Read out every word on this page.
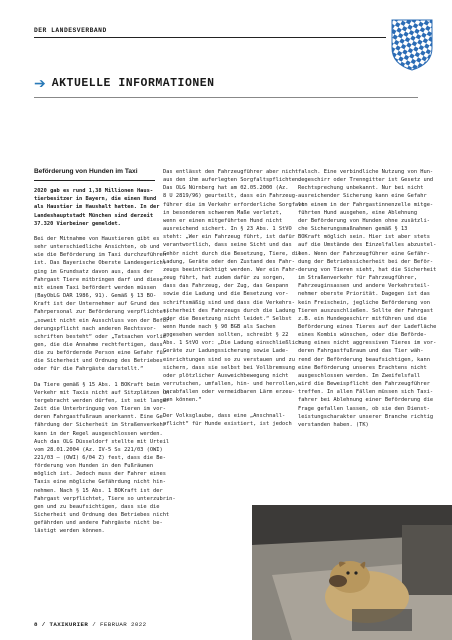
DER LANDESVERBAND
➔ AKTUELLE INFORMATIONEN

Beförderung von Hunden im Taxi

2020 gab es rund 1,38 Millionen Haus-
tierbesitzer in Bayern, die einen Hund
als Haustier im Haushalt hatten. In der
Landeshauptstadt München sind derzeit
37.320 Vierbeiner gemeldet.

Bei der Mitnahme von Haustieren gibt es
sehr unterschiedliche Ansichten, ob und
wie die Beförderung im Taxi durchzuführen
ist. Das Bayerische Oberste Landesgericht
ging im Grundsatz davon aus, dass der
Fahrgast Tiere mitbringen darf und diese
mit einem Taxi befördert werden müssen
(BayObLG DAR 1986, 91). Gemäß § 13 BO-
Kraft ist der Unternehmer auf Grund des
Fahrpersonal zur Beförderung verpflichtet:
„soweit nicht ein Ausschluss von der Beför-
derungspflicht nach anderen Rechtsvor-
schriften besteht“ oder „Tatsachen vorlie-
gen, die die Annahme rechtfertigen, dass
die zu befördernde Person eine Gefahr für
die Sicherheit und Ordnung des Betriebes
oder für die Fahrgäste darstellt.“

Da Tiere gemäß § 15 Abs. 1 BOKraft beim
Verkehr mit Taxis nicht auf Sitzplätzen un-
tergebracht werden dürfen, ist seit langer
Zeit die Unterbringung von Tieren im vor-
deren Fahrgastfußraum anerkannt. Eine Ge-
fährdung der Sicherheit im Straßenverkehr
kann in der Regel ausgeschlossen werden.
Auch das OLG Düsseldorf stellte mit Urteil
vom 28.01.2004 (Az. IV-5 Ss 221/03 (OWI)
221/03 – (OWI) 6/04 Z) fest, dass die Be-
förderung von Hunden in den Fußräumen
möglich ist. Jedoch muss der Fahrer eines
Taxis eine mögliche Gefährdung nicht hin-
nehmen. Nach § 15 Abs. 1 BOKraft ist der
Fahrgast verpflichtet, Tiere so unterzubrin-
gen und zu beaufsichtigen, dass sie die
Sicherheit und Ordnung des Betriebes nicht
gefährden und andere Fahrgäste nicht be-
lästigt werden können.

Das entlässt den Fahrzeugführer aber nicht
aus den ihm auferlegten Sorgfaltspflichten.
Das OLG Nürnberg hat am 02.05.2000 (Az.
8 U 2819/96) geurteilt, dass ein Fahrzeug-
führer die im Verkehr erforderliche Sorgfalt
in besonderem schwerem Maße verletzt,
wenn er einen mitgeführten Hund nicht
ausreichend sichert. In § 23 Abs. 1 StVO
steht: „Wer ein Fahrzeug führt, ist dafür
verantwortlich, dass seine Sicht und das
Gehör nicht durch die Besetzung, Tiere, die
Ladung, Geräte oder den Zustand des Fahr-
zeugs beeinträchtigt werden. Wer ein Fahr-
zeug führt, hat zudem dafür zu sorgen,
dass das Fahrzeug, der Zug, das Gespann
sowie die Ladung und die Besetzung vor-
schriftsmäßig sind und dass die Verkehrs-
sicherheit des Fahrzeugs durch die Ladung
oder die Besetzung nicht leidet.“ Selbst
wenn Hunde nach § 90 BGB als Sachen
angesehen werden sollten, schreibt § 22
Abs. 1 StVO vor: „Die Ladung einschließlich
Geräte zur Ladungssicherung sowie Lade-
einrichtungen sind so zu verstauen und zu
sichern, dass sie selbst bei Vollbremsung
oder plötzlicher Ausweichbewegung nicht
verrutschen, umfallen, hin- und herrollen,
herabfallen oder vermeidbaren Lärm erzeu-
gen können.“

Der Volksglaube, dass eine „Anschnall-
pflicht“ für Hunde existiert, ist jedoch

falsch. Eine verbindliche Nutzung von Hun-
degeschirr oder Trenngitter ist Gesetz und
Rechtsprechung unbekannt. Nur bei nicht
ausreichender Sicherung kann eine Gefahr
von einem in der Fahrgastinnenzelle mitge-
führten Hund ausgehen, eine Ablehnung
der Beförderung von Hunden ohne zusätzli-
che Sicherungsmaßnahmen gemäß § 13
BOKraft möglich sein. Hier ist aber stets
auf die Umstände des Einzelfalles abzustel-
len. Wenn der Fahrzeugführer eine Gefähr-
dung der Betriebssicherheit bei der Beför-
derung von Tieren sieht, hat die Sicherheit
im Straßenverkehr für Fahrzeugführer,
Fahrzeuginsassen und andere Verkehrsteil-
nehmer oberste Priorität. Dagegen ist das
kein Freischein, jegliche Beförderung von
Tieren auszuschließen. Sollte der Fahrgast
z.B. ein Hundegeschirr mitführen und die
Beförderung eines Tieres auf der Ladefläche
eines Kombis wünschen, oder die Beförde-
rung eines nicht aggressiven Tieres im vor-
deren Fahrgastfußraum und das Tier wäh-
rend der Beförderung beaufsichtigen, kann
eine Beförderung unseres Erachtens nicht
ausgeschlossen werden. Im Zweifelsfall
wird die Beweispflicht den Fahrzeugführer
treffen. In allen Fällen müssen sich Taxi-
fahrer bei Ablehnung einer Beförderung die
Frage gefallen lassen, ob sie den Dienst-
leistungscharakter unserer Branche richtig
verstanden haben. (TK)

8 / TAXIKURIER / FEBRUAR 2022
